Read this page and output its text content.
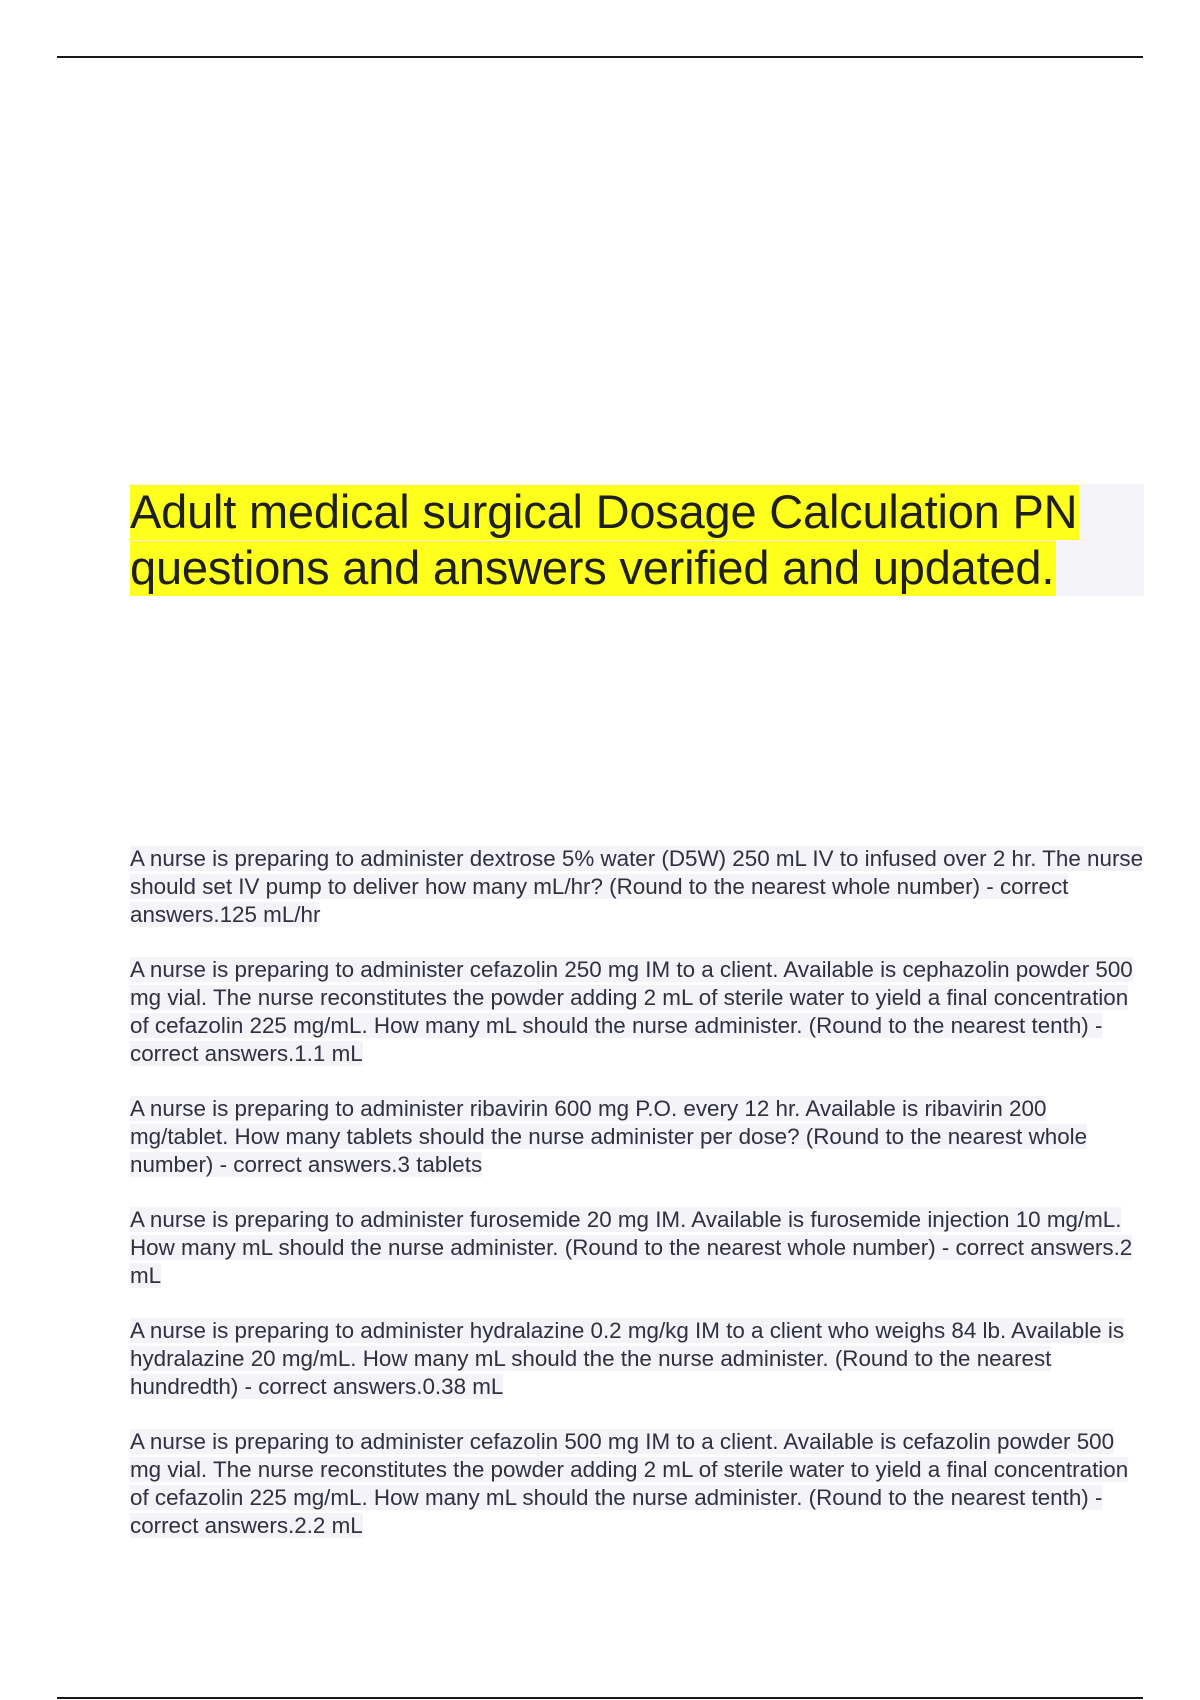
Adult medical surgical Dosage Calculation PN questions and answers verified and updated.
A nurse is preparing to administer dextrose 5% water (D5W) 250 mL IV to infused over 2 hr. The nurse should set IV pump to deliver how many mL/hr? (Round to the nearest whole number) - correct answers.125 mL/hr
A nurse is preparing to administer cefazolin 250 mg IM to a client. Available is cephazolin powder 500 mg vial. The nurse reconstitutes the powder adding 2 mL of sterile water to yield a final concentration of cefazolin 225 mg/mL. How many mL should the nurse administer. (Round to the nearest tenth) - correct answers.1.1 mL
A nurse is preparing to administer ribavirin 600 mg P.O. every 12 hr. Available is ribavirin 200 mg/tablet. How many tablets should the nurse administer per dose? (Round to the nearest whole number) - correct answers.3 tablets
A nurse is preparing to administer furosemide 20 mg IM. Available is furosemide injection 10 mg/mL. How many mL should the nurse administer. (Round to the nearest whole number) - correct answers.2 mL
A nurse is preparing to administer hydralazine 0.2 mg/kg IM to a client who weighs 84 lb. Available is hydralazine 20 mg/mL. How many mL should the the nurse administer. (Round to the nearest hundredth) - correct answers.0.38 mL
A nurse is preparing to administer cefazolin 500 mg IM to a client. Available is cefazolin powder 500 mg vial. The nurse reconstitutes the powder adding 2 mL of sterile water to yield a final concentration of cefazolin 225 mg/mL. How many mL should the nurse administer. (Round to the nearest tenth) - correct answers.2.2 mL
